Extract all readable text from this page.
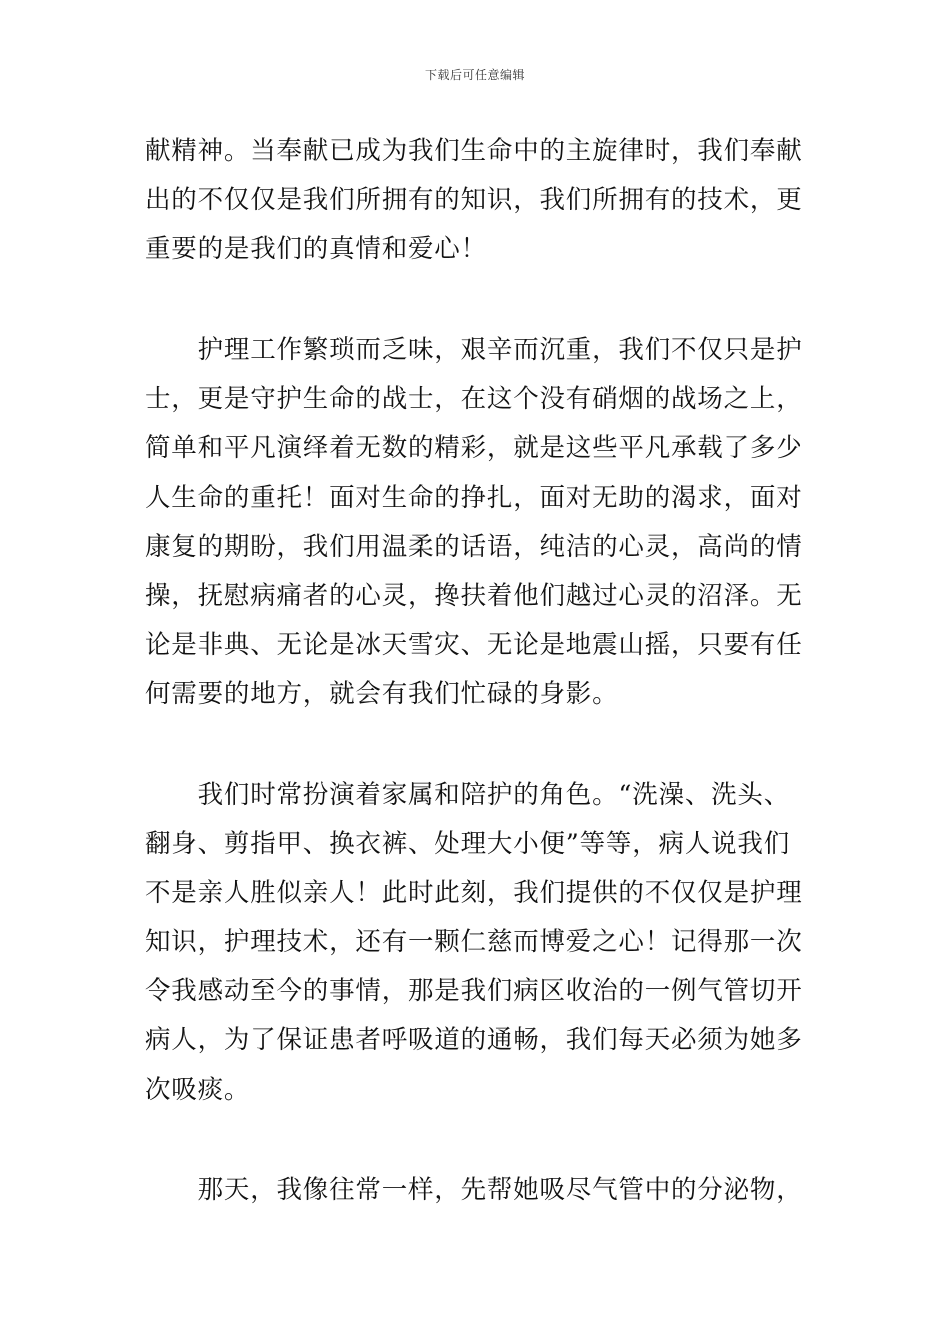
下载后可任意编辑
献精神。当奉献已成为我们生命中的主旋律时，我们奉献
出的不仅仅是我们所拥有的知识，我们所拥有的技术，更
重要的是我们的真情和爱心！
　　护理工作繁琐而乏味，艰辛而沉重，我们不仅只是护
士，更是守护生命的战士，在这个没有硝烟的战场之上，
简单和平凡演绎着无数的精彩，就是这些平凡承载了多少
人生命的重托！面对生命的挣扎，面对无助的渴求，面对
康复的期盼，我们用温柔的话语，纯洁的心灵，高尚的情
操，抚慰病痛者的心灵，搀扶着他们越过心灵的沼泽。无
论是非典、无论是冰天雪灾、无论是地震山摇，只要有任
何需要的地方，就会有我们忙碌的身影。
　　我们时常扮演着家属和陪护的角色。“洗澡、洗头、
翻身、剪指甲、换衣裤、处理大小便”等等，病人说我们
不是亲人胜似亲人！此时此刻，我们提供的不仅仅是护理
知识，护理技术，还有一颗仁慈而博爱之心！记得那一次
令我感动至今的事情，那是我们病区收治的一例气管切开
病人，为了保证患者呼吸道的通畅，我们每天必须为她多
次吸痰。
　　那天，我像往常一样，先帮她吸尽气管中的分泌物，
